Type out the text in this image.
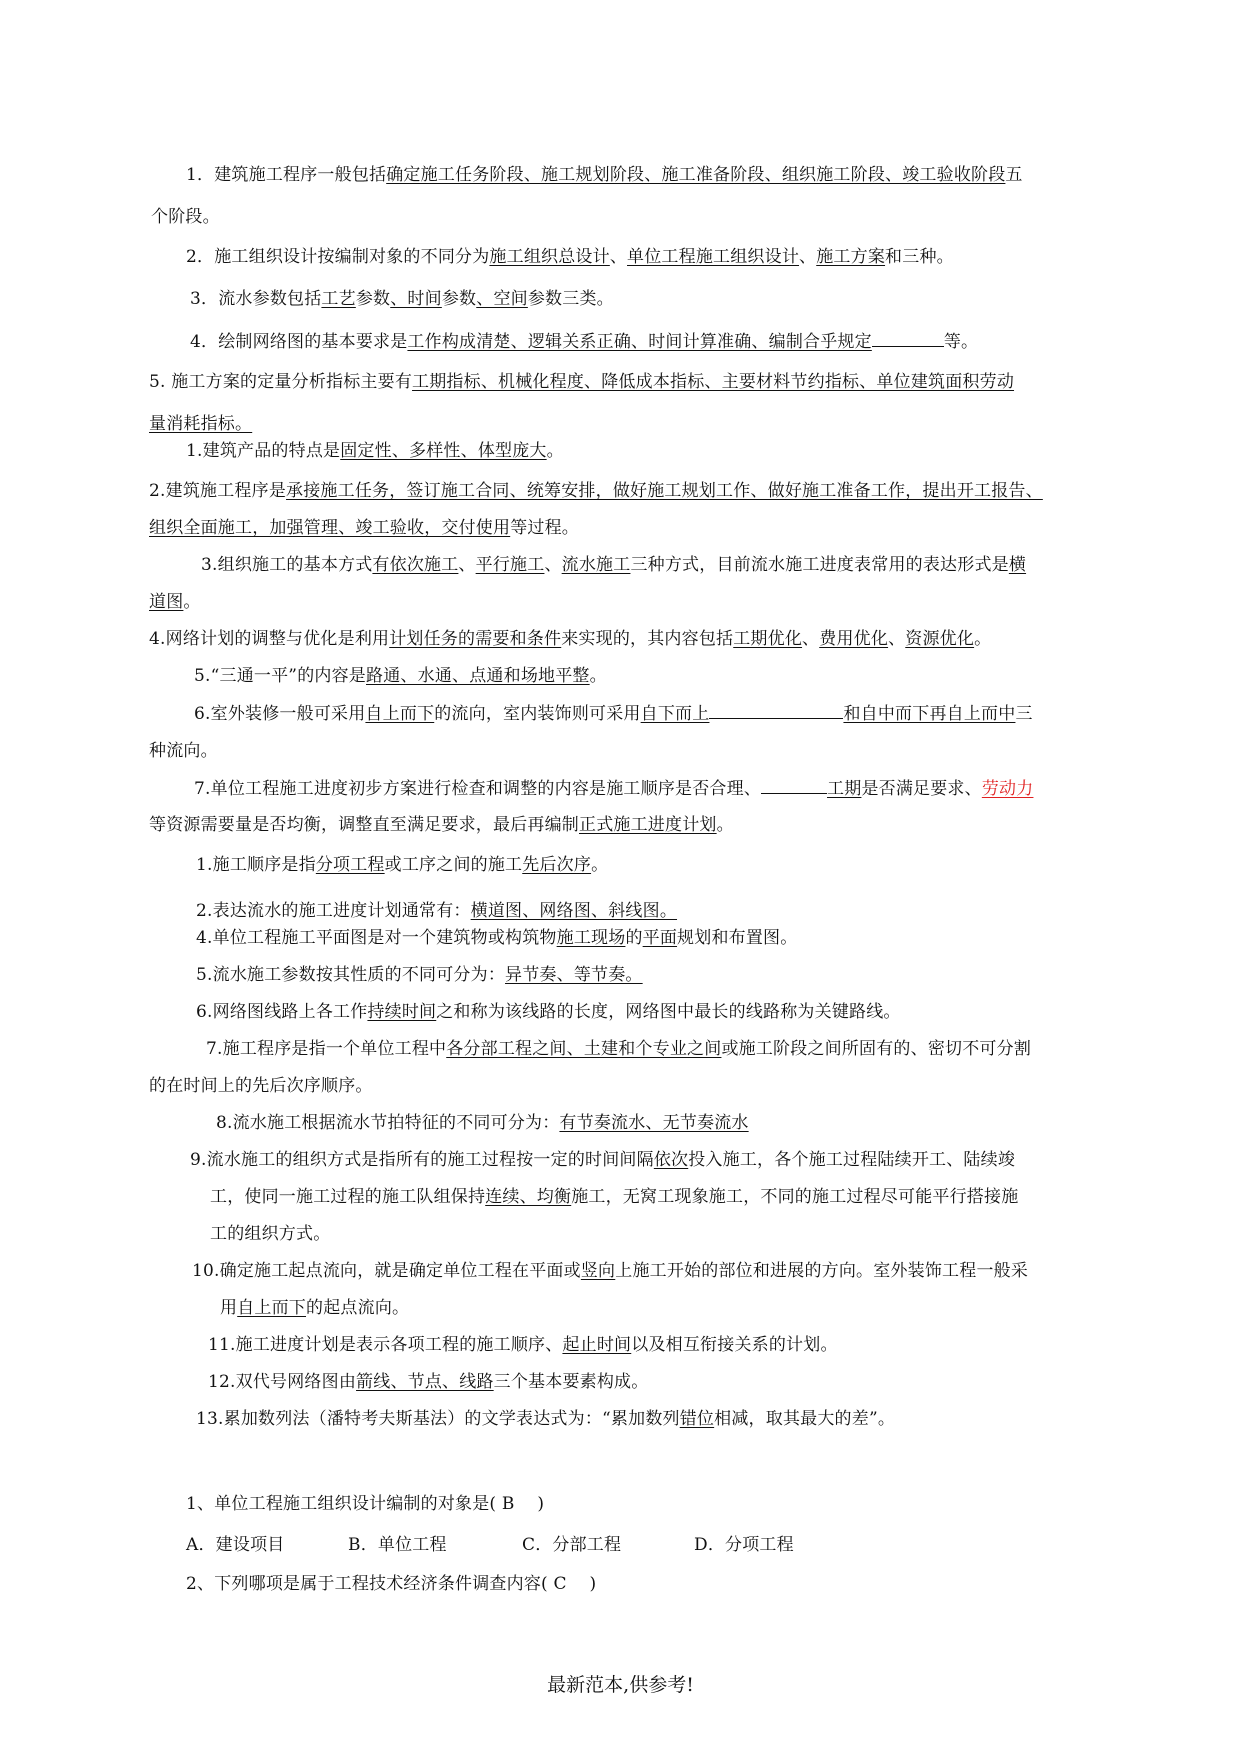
1．建筑施工程序一般包括确定施工任务阶段、施工规划阶段、施工准备阶段、组织施工阶段、竣工验收阶段五
个阶段。
2．施工组织设计按编制对象的不同分为施工组织总设计、单位工程施工组织设计、施工方案和三种。
3．流水参数包括工艺参数、时间参数、空间参数三类。
4．绘制网络图的基本要求是工作构成清楚、逻辑关系正确、时间计算准确、编制合乎规定	等。
5. 施工方案的定量分析指标主要有工期指标、机械化程度、降低成本指标、主要材料节约指标、单位建筑面积劳动
量消耗指标。
1.建筑产品的特点是固定性、多样性、体型庞大。
2.建筑施工程序是承接施工任务，签订施工合同、统筹安排，做好施工规划工作、做好施工准备工作，提出开工报告、
组织全面施工，加强管理、竣工验收，交付使用等过程。
3.组织施工的基本方式有依次施工、平行施工、流水施工三种方式，目前流水施工进度表常用的表达形式是横
道图。
4.网络计划的调整与优化是利用计划任务的需要和条件来实现的，其内容包括工期优化、费用优化、资源优化。
5.“三通一平”的内容是路通、水通、点通和场地平整。
6.室外装修一般可采用自上而下的流向，室内装饰则可采用自下而上	和自中而下再自上而中三
种流向。
7.单位工程施工进度初步方案进行检查和调整的内容是施工顺序是否合理、	工期是否满足要求、劳动力
等资源需要量是否均衡，调整直至满足要求，最后再编制正式施工进度计划。
1.施工顺序是指分项工程或工序之间的施工先后次序。
2.表达流水的施工进度计划通常有：横道图、网络图、斜线图。
4.单位工程施工平面图是对一个建筑物或构筑物施工现场的平面规划和布置图。
5.流水施工参数按其性质的不同可分为：异节奏、等节奏。
6.网络图线路上各工作持续时间之和称为该线路的长度，网络图中最长的线路称为关键路线。
7.施工程序是指一个单位工程中各分部工程之间、土建和个专业之间或施工阶段之间所固有的、密切不可分割
的在时间上的先后次序顺序。
8.流水施工根据流水节拍特征的不同可分为：有节奏流水、无节奏流水
9.流水施工的组织方式是指所有的施工过程按一定的时间间隔依次投入施工，各个施工过程陆续开工、陆续竣
工，使同一施工过程的施工队组保持连续、均衡施工，无窝工现象施工，不同的施工过程尽可能平行搭接施
工的组织方式。
10.确定施工起点流向，就是确定单位工程在平面或竖向上施工开始的部位和进展的方向。室外装饰工程一般采
用自上而下的起点流向。
11.施工进度计划是表示各项工程的施工顺序、起止时间以及相互衔接关系的计划。
12.双代号网络图由箭线、节点、线路三个基本要素构成。
13.累加数列法（潘特考夫斯基法）的文学表达式为：“累加数列错位相减，取其最大的差”。
1、单位工程施工组织设计编制的对象是( B　 )
A．建设项目	B．单位工程	C．分部工程	D．分项工程
2、下列哪项是属于工程技术经济条件调查内容( C　 )
最新范本,供参考!
